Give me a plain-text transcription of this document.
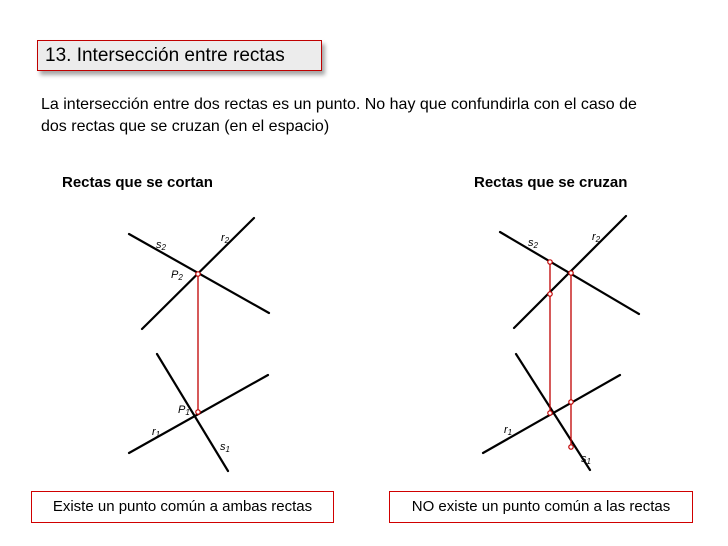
13. Intersección entre rectas
La intersección entre dos rectas es un punto. No hay que confundirla con el caso de dos rectas que se cruzan (en el espacio)
Rectas que se cortan	Rectas que se cruzan
s2
r2
P2
P1
r1
s1
s2
r2
r1
s1
Existe un punto común a ambas rectas	NO existe un punto común a las rectas
